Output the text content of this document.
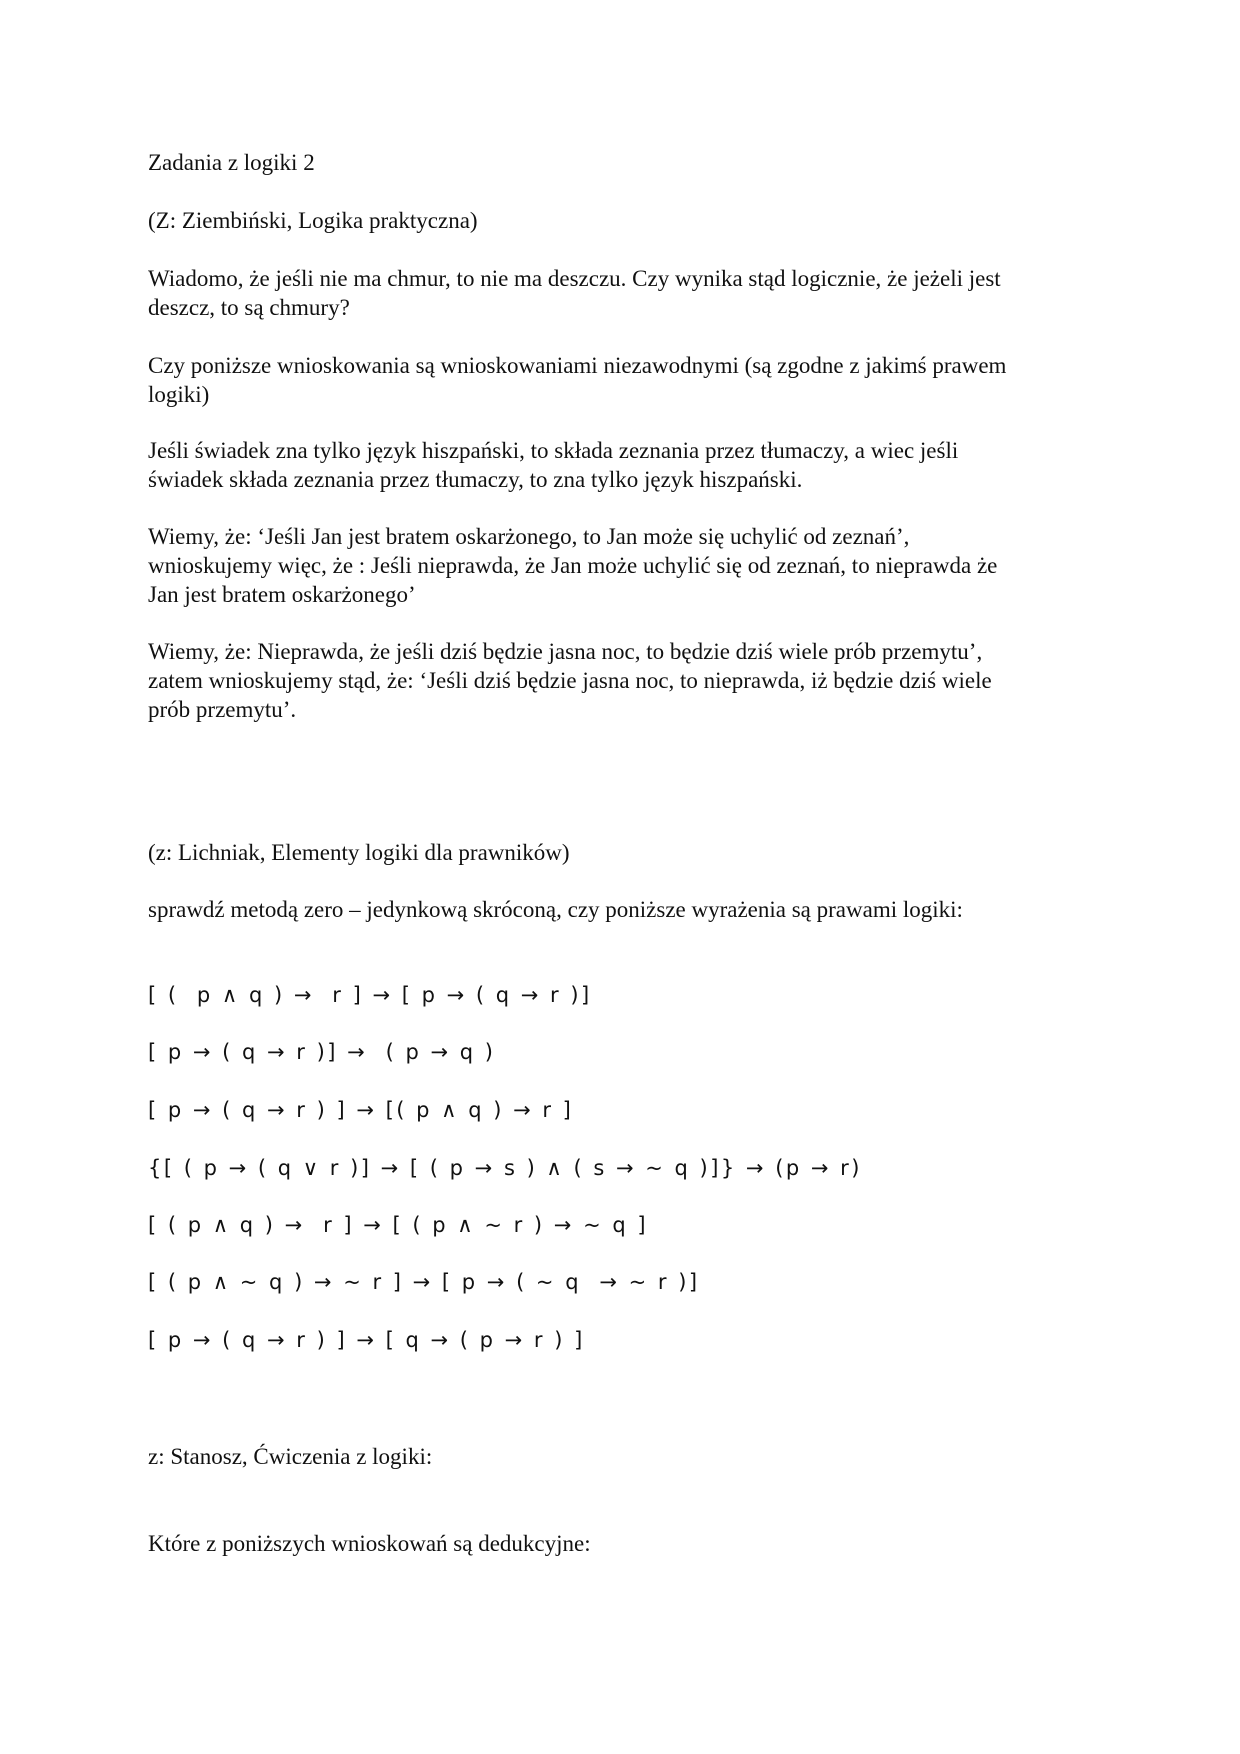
Zadania z logiki 2
(Z: Ziembiński, Logika praktyczna)
Wiadomo, że jeśli nie ma chmur, to nie ma deszczu. Czy wynika stąd logicznie, że jeżeli jest
deszcz, to są chmury?
Czy poniższe wnioskowania są wnioskowaniami niezawodnymi (są zgodne z jakimś prawem
logiki)
Jeśli świadek zna tylko język hiszpański, to składa zeznania przez tłumaczy, a wiec jeśli
świadek składa zeznania przez tłumaczy, to zna tylko język hiszpański.
Wiemy, że: ‘Jeśli Jan jest bratem oskarżonego, to Jan może się uchylić od zeznań’,
wnioskujemy więc, że : Jeśli nieprawda, że Jan może uchylić się od zeznań, to nieprawda że
Jan jest bratem oskarżonego’
Wiemy, że: Nieprawda, że jeśli dziś będzie jasna noc, to będzie dziś wiele prób przemytu’,
zatem wnioskujemy stąd, że: ‘Jeśli dziś będzie jasna noc, to nieprawda, iż będzie dziś wiele
prób przemytu’.
(z: Lichniak, Elementy logiki dla prawników)
sprawdź metodą zero – jedynkową skróconą, czy poniższe wyrażenia są prawami logiki:
[ (  p ∧ q ) →  r ] → [ p → ( q → r )]
[ p → ( q → r )] →  ( p → q )
[ p → ( q → r ) ] → [( p ∧ q ) → r ]
{[ ( p → ( q ∨ r )] → [ ( p → s ) ∧ ( s → ~ q )]} → (p → r)
[ ( p ∧ q ) →  r ] → [ ( p ∧ ~ r ) → ~ q ]
[ ( p ∧ ~ q ) → ~ r ] → [ p → ( ~ q  → ~ r )]
[ p → ( q → r ) ] → [ q → ( p → r ) ]
z: Stanosz, Ćwiczenia z logiki:
Które z poniższych wnioskowań są dedukcyjne:
